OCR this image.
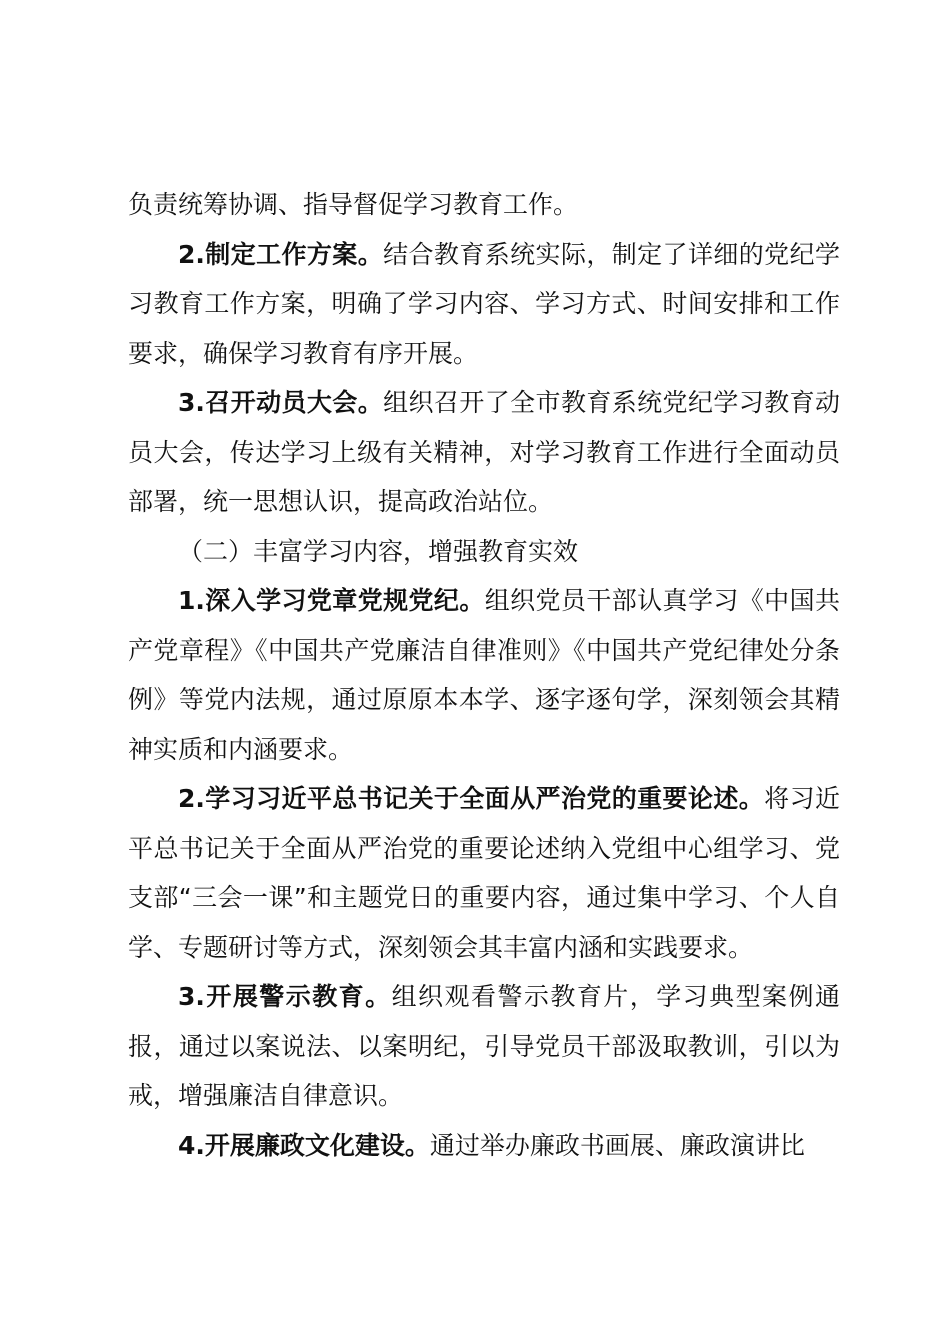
负责统筹协调、指导督促学习教育工作。

2.制定工作方案。结合教育系统实际，制定了详细的党纪学习教育工作方案，明确了学习内容、学习方式、时间安排和工作要求，确保学习教育有序开展。

3.召开动员大会。组织召开了全市教育系统党纪学习教育动员大会，传达学习上级有关精神，对学习教育工作进行全面动员部署，统一思想认识，提高政治站位。

（二）丰富学习内容，增强教育实效

1.深入学习党章党规党纪。组织党员干部认真学习《中国共产党章程》《中国共产党廉洁自律准则》《中国共产党纪律处分条例》等党内法规，通过原原本本学、逐字逐句学，深刻领会其精神实质和内涵要求。

2.学习习近平总书记关于全面从严治党的重要论述。将习近平总书记关于全面从严治党的重要论述纳入党组中心组学习、党支部“三会一课”和主题党日的重要内容，通过集中学习、个人自学、专题研讨等方式，深刻领会其丰富内涵和实践要求。

3.开展警示教育。组织观看警示教育片，学习典型案例通报，通过以案说法、以案明纪，引导党员干部汲取教训，引以为戒，增强廉洁自律意识。

4.开展廉政文化建设。通过举办廉政书画展、廉政演讲比
